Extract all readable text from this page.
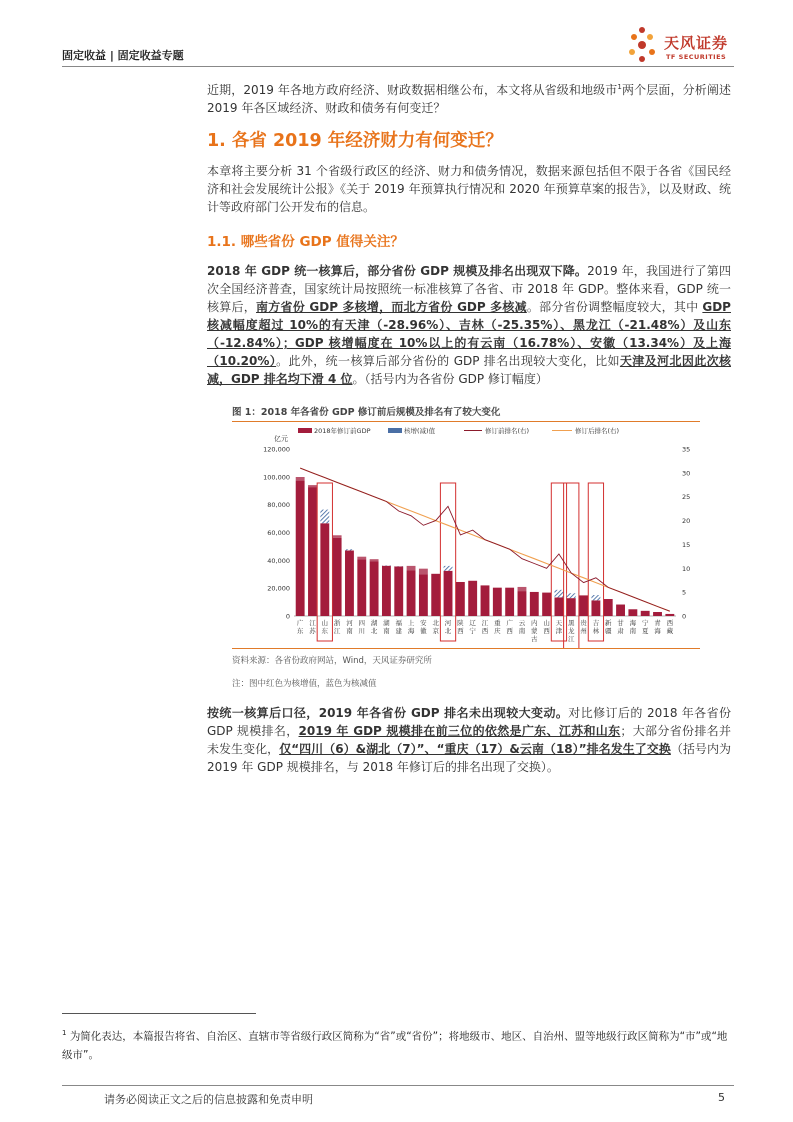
固定收益 | 固定收益专题
天风证券
TF SECURITIES
近期，2019 年各地方政府经济、财政数据相继公布，本文将从省级和地级市$^1$两个层面，分析阐述 2019 年各区域经济、财政和债务有何变迁？
1. 各省 2019 年经济财力有何变迁？
本章将主要分析 31 个省级行政区的经济、财力和债务情况，数据来源包括但不限于各省《国民经济和社会发展统计公报》《关于 2019 年预算执行情况和 2020 年预算草案的报告》，以及财政、统计等政府部门公开发布的信息。
1.1. 哪些省份 GDP 值得关注？
2018 年 GDP 统一核算后，部分省份 GDP 规模及排名出现双下降。2019 年，我国进行了第四次全国经济普查，国家统计局按照统一标准核算了各省、市 2018 年 GDP。整体来看，GDP 统一核算后，南方省份 GDP 多核增，而北方省份 GDP 多核减。部分省份调整幅度较大，其中 GDP 核减幅度超过 10%的有天津（-28.96%）、吉林（-25.35%）、黑龙江（-21.48%）及山东（-12.84%）；GDP 核增幅度在 10%以上的有云南（16.78%）、安徽（13.34%）及上海（10.20%）。此外，统一核算后部分省份的 GDP 排名出现较大变化，比如天津及河北因此次核减，GDP 排名均下滑 4 位。（括号内为各省份 GDP 修订幅度）
图 1：2018 年各省份 GDP 修订前后规模及排名有了较大变化
2018年修订前GDP	核增(减)值	修订前排名(右)	修订后排名(右)
亿元
0
20,000
40,000
60,000
80,000
100,000
120,000
0
5
10
15
20
25
30
35
广
东
江
苏
山
东
浙
江
河
南
四
川
湖
北
湖
南
福
建
上
海
安
徽
北
京
河
北
陕
西
辽
宁
江
西
重
庆
广
西
云
南
内
蒙
古
山
西
天
津
黑
龙
江
贵
州
吉
林
新
疆
甘
肃
海
南
宁
夏
青
海
西
藏
资料来源：各省份政府网站，Wind，天风证券研究所
注：图中红色为核增值，蓝色为核减值
按统一核算后口径，2019 年各省份 GDP 排名未出现较大变动。对比修订后的 2018 年各省份 GDP 规模排名，2019 年 GDP 规模排在前三位的依然是广东、江苏和山东；大部分省份排名并未发生变化，仅“四川（6）&湖北（7）”、“重庆（17）&云南（18）”排名发生了交换（括号内为 2019 年 GDP 规模排名，与 2018 年修订后的排名出现了交换）。
$^1$ 为简化表达，本篇报告将省、自治区、直辖市等省级行政区简称为“省”或“省份”；将地级市、地区、自治州、盟等地级行政区简称为“市”或“地级市”。
请务必阅读正文之后的信息披露和免责申明	5
